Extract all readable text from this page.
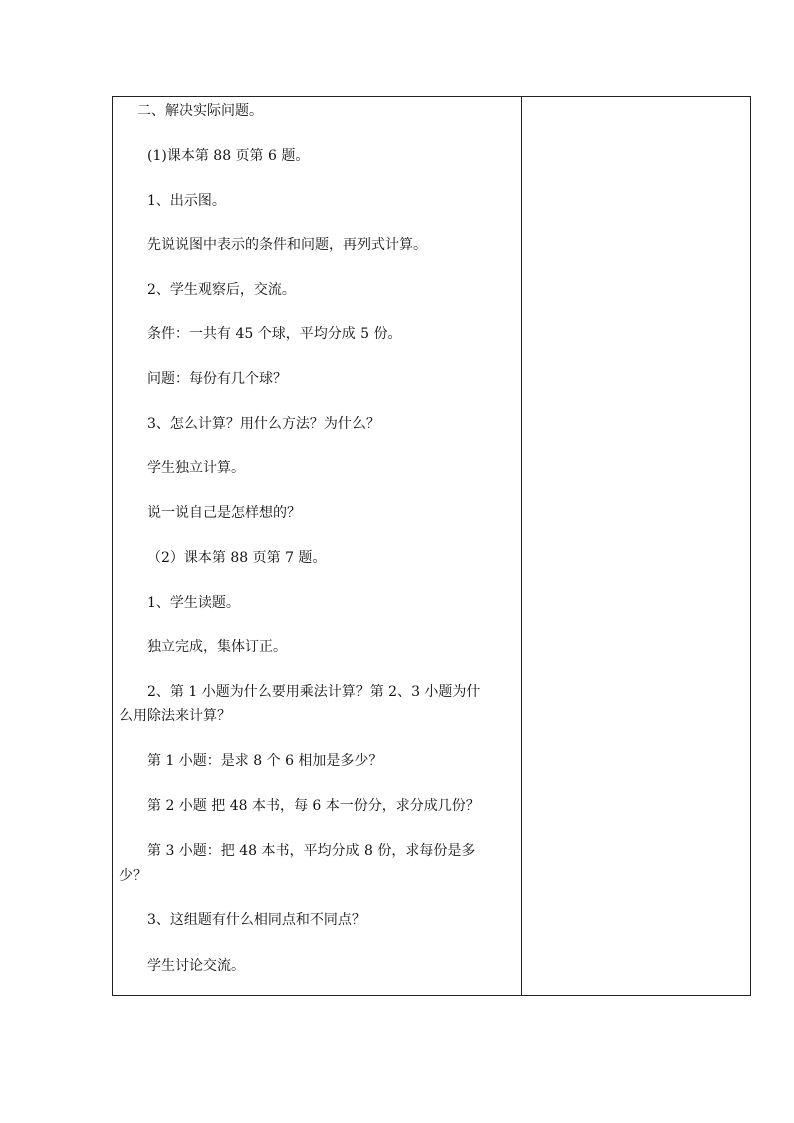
二、解决实际问题。
(1)课本第 88 页第 6 题。
1、出示图。
先说说图中表示的条件和问题，再列式计算。
2、学生观察后，交流。
条件：一共有 45 个球，平均分成 5 份。
问题：每份有几个球？
3、怎么计算？用什么方法？为什么？
学生独立计算。
说一说自己是怎样想的？
（2）课本第 88 页第 7 题。
1、学生读题。
独立完成，集体订正。
2、第 1 小题为什么要用乘法计算？第 2、3 小题为什
么用除法来计算？
第 1 小题：是求 8 个 6 相加是多少？
第 2 小题 把 48 本书，每 6 本一份分，求分成几份？
第 3 小题：把 48 本书，平均分成 8 份，求每份是多
少？
3、这组题有什么相同点和不同点？
学生讨论交流。
